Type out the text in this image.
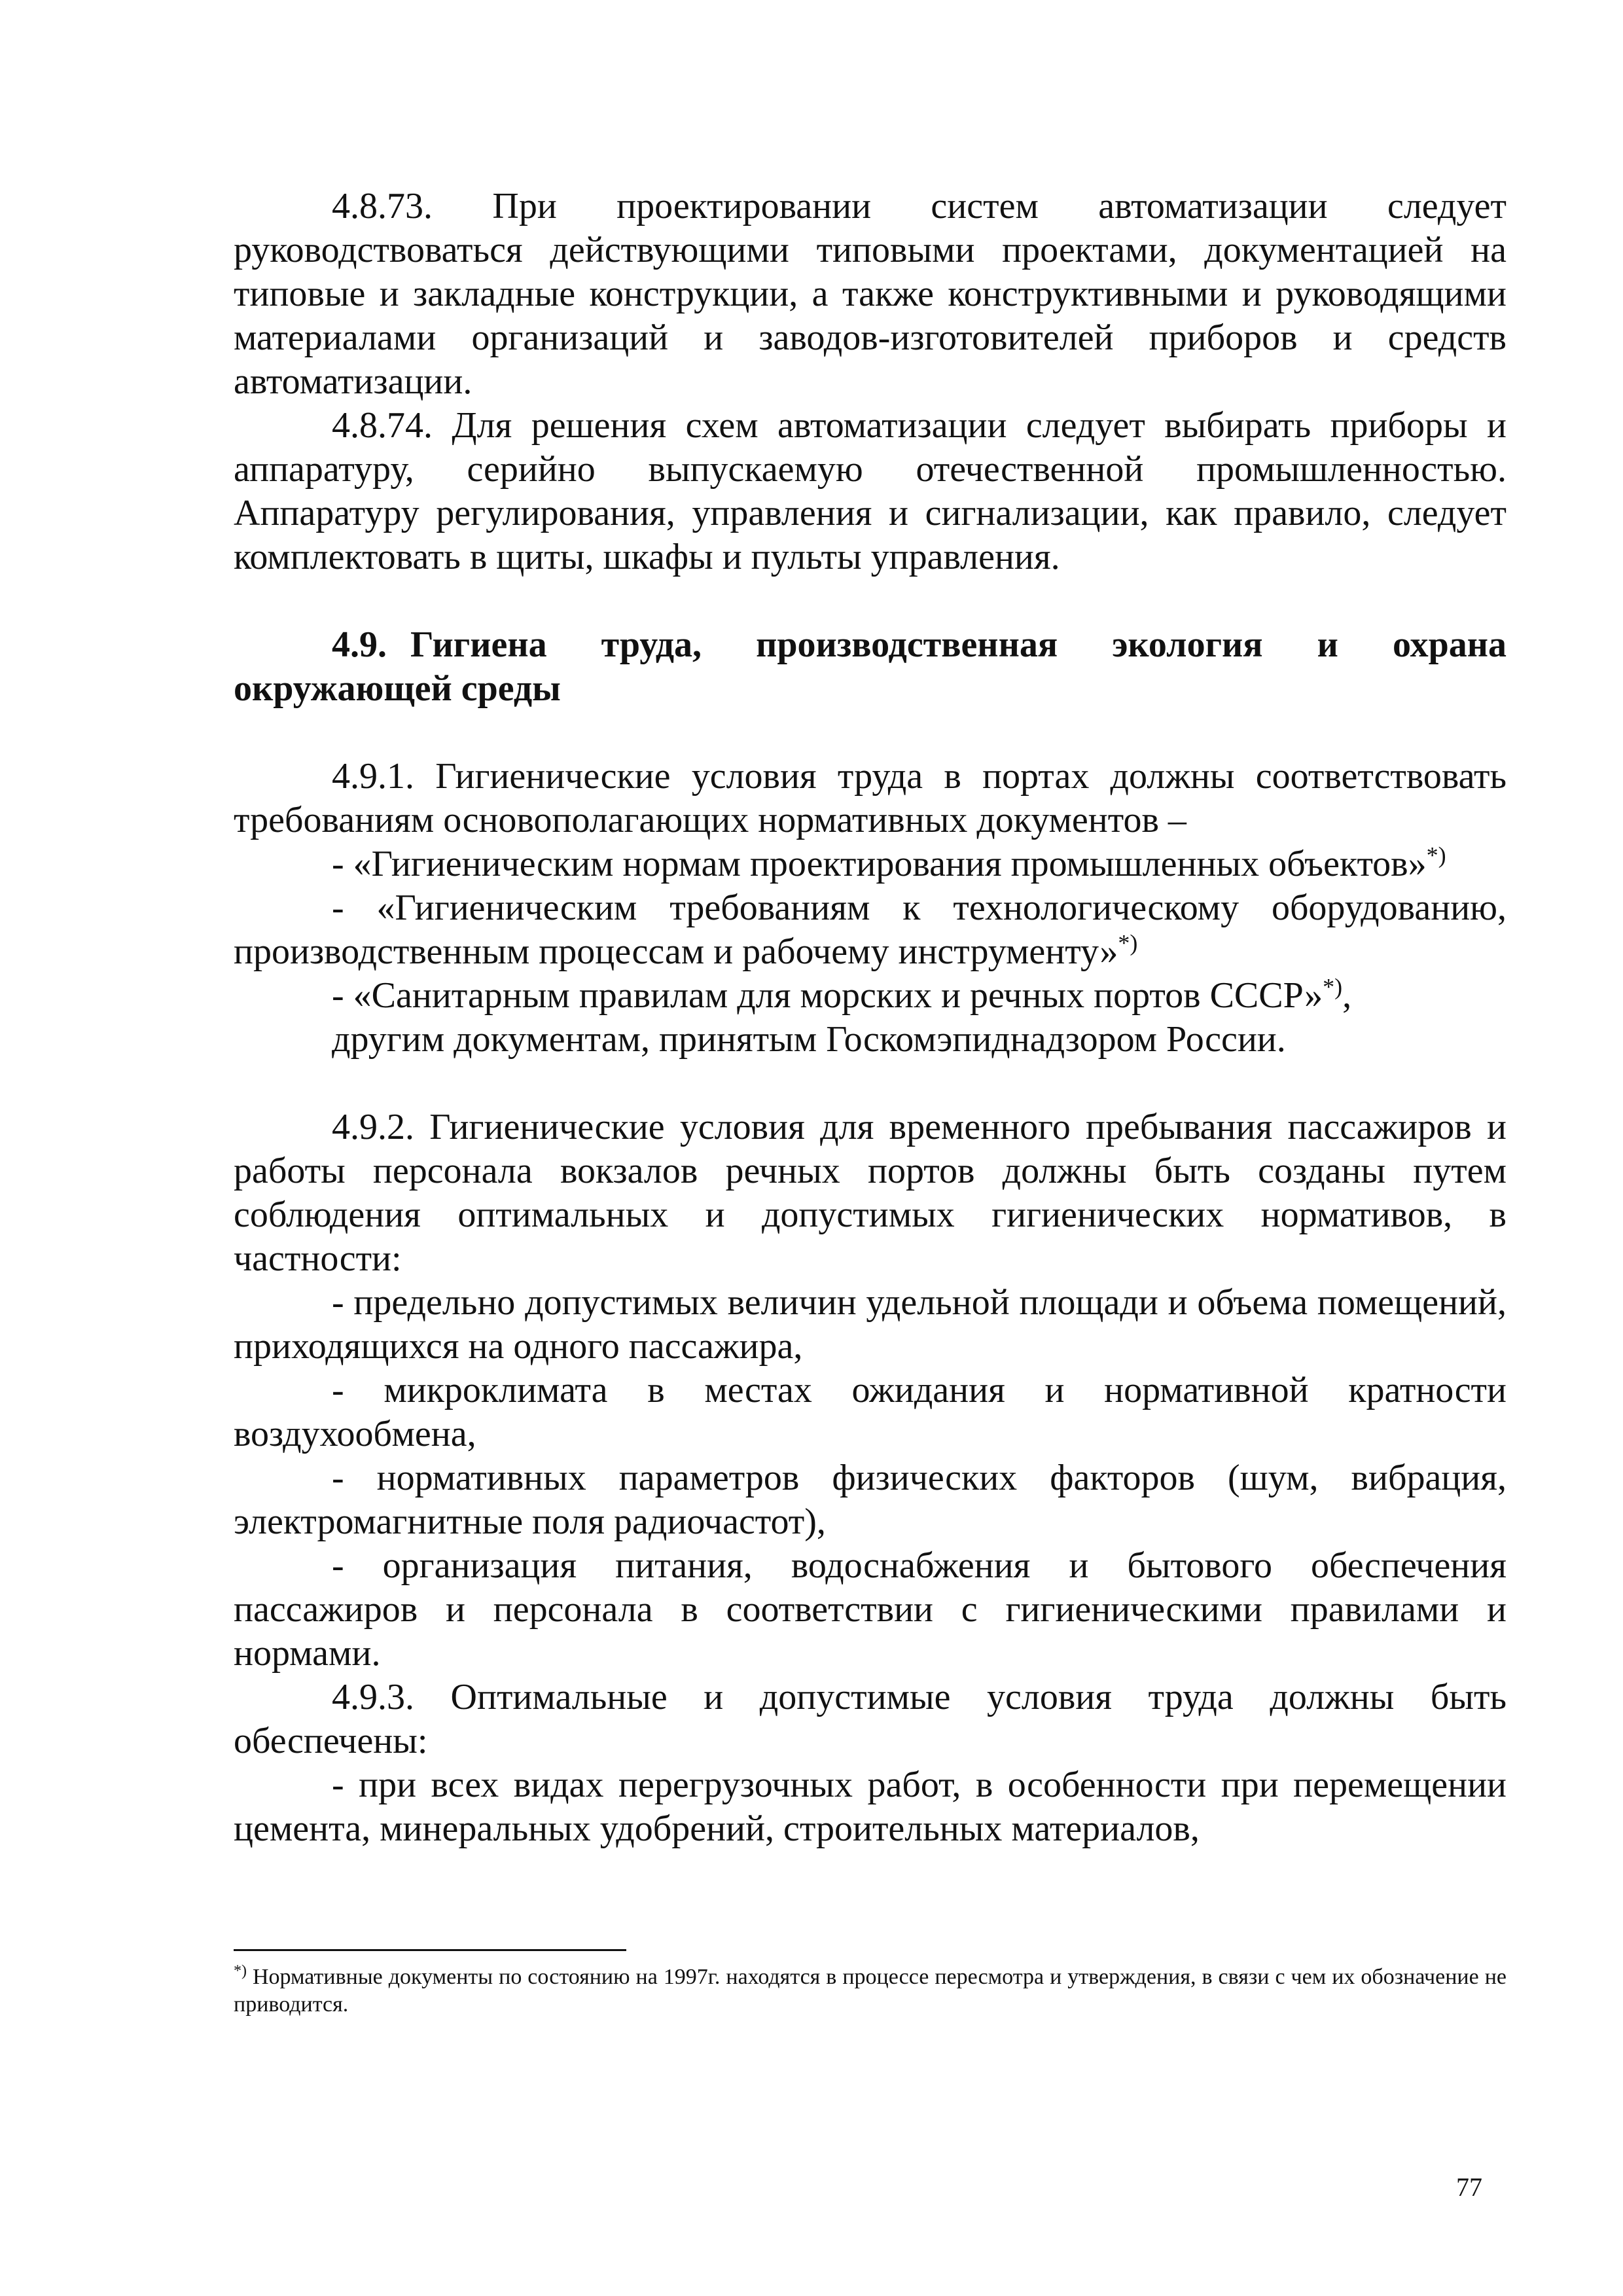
4.8.73. При проектировании систем автоматизации следует руководствоваться действующими типовыми проектами, документацией на типовые и закладные конструкции, а также конструктивными и руководящими материалами организаций и заводов-изготовителей приборов и средств автоматизации.

4.8.74. Для решения схем автоматизации следует выбирать приборы и аппаратуру, серийно выпускаемую отечественной промышленностью. Аппаратуру регулирования, управления и сигнализации, как правило, следует комплектовать в щиты, шкафы и пульты управления.

4.9. Гигиена труда, производственная экология и охрана окружающей среды

4.9.1. Гигиенические условия труда в портах должны соответствовать требованиям основополагающих нормативных документов –

- «Гигиеническим нормам проектирования промышленных объектов»*)

- «Гигиеническим требованиям к технологическому оборудованию, производственным процессам и рабочему инструменту»*)

- «Санитарным правилам для морских и речных портов СССР»*),

другим документам, принятым Госкомэпиднадзором России.

4.9.2. Гигиенические условия для временного пребывания пассажиров и работы персонала вокзалов речных портов должны быть созданы путем соблюдения оптимальных и допустимых гигиенических нормативов, в частности:

- предельно допустимых величин удельной площади и объема помещений, приходящихся на одного пассажира,

- микроклимата в местах ожидания и нормативной кратности воздухообмена,

- нормативных параметров физических факторов (шум, вибрация, электромагнитные поля радиочастот),

- организация питания, водоснабжения и бытового обеспечения пассажиров и персонала в соответствии с гигиеническими правилами и нормами.

4.9.3. Оптимальные и допустимые условия труда должны быть обеспечены:

- при всех видах перегрузочных работ, в особенности при перемещении цемента, минеральных удобрений, строительных материалов,

*) Нормативные документы по состоянию на 1997г. находятся в процессе пересмотра и утверждения, в связи с чем их обозначение не приводится.

77
